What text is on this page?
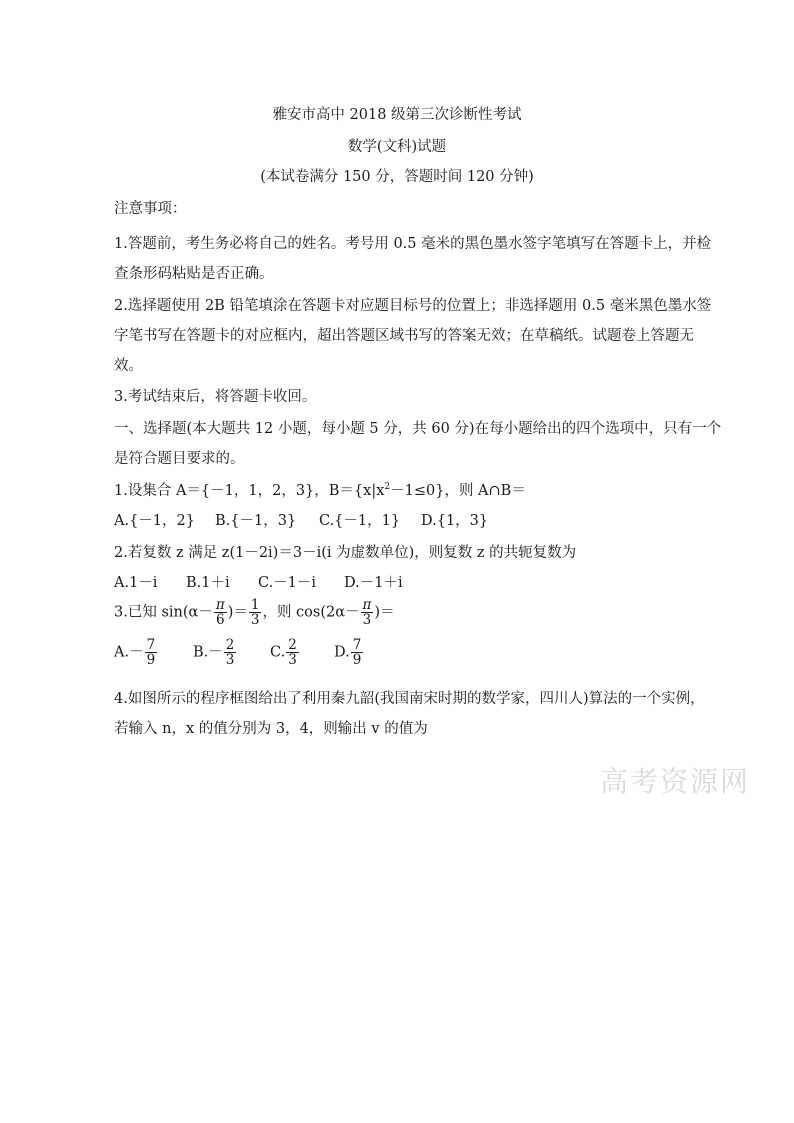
雅安市高中 2018 级第三次诊断性考试
数学(文科)试题
(本试卷满分 150 分，答题时间 120 分钟)
注意事项：
1.答题前，考生务必将自己的姓名。考号用 0.5 毫米的黑色墨水签字笔填写在答题卡上，并检
查条形码粘贴是否正确。
2.选择题使用 2B 铅笔填涂在答题卡对应题目标号的位置上；非选择题用 0.5 毫米黑色墨水签
字笔书写在答题卡的对应框内，超出答题区域书写的答案无效；在草稿纸。试题卷上答题无
效。
3.考试结束后，将答题卡收回。
一、选择题(本大题共 12 小题，每小题 5 分，共 60 分)在每小题给出的四个选项中，只有一个
是符合题目要求的。
1.设集合 A＝{－1，1，2，3}，$B=\{x|x^2-1\le 0\}$，则 A∩B＝
A.{－1，2} B.{－1，3} C.{－1，1} D.{1，3}
2.若复数 z 满足 z(1－2i)＝3－i(i 为虚数单位)，则复数 z 的共轭复数为
A.1－i B.1＋i C.－1－i D.－1＋i
3.已知 $\sin(\alpha- \frac{\pi}{6}$ )＝ $\frac{1}{3}$ ，则 $\cos(2\alpha- \frac{\pi}{3}$ )＝
$A.- \frac{7}{9} B.- \frac{2}{3} C$. $\frac{2}{3} D$. $\frac{7}{9}$
4.如图所示的程序框图给出了利用秦九韶(我国南宋时期的数学家，四川人)算法的一个实例，
若输入 n，x 的值分别为 3，4，则输出 v 的值为
高考资源网
